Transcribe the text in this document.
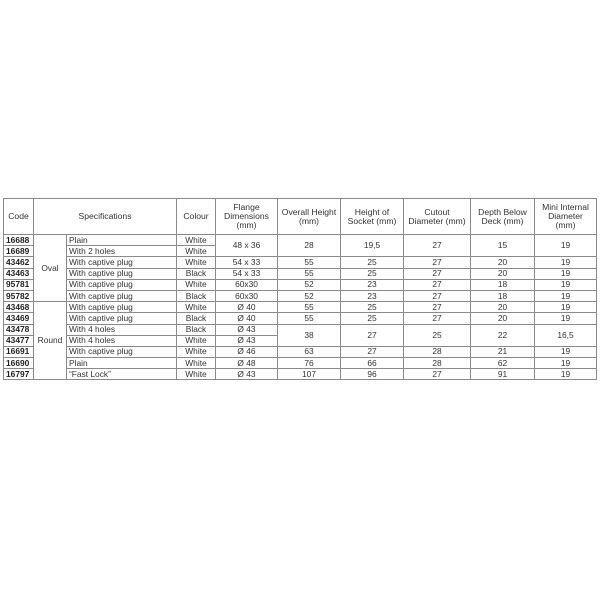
Code	Specifications		Colour	Flange Dimensions (mm)	Overall Height (mm)	Height of Socket (mm)	Cutout Diameter (mm)	Depth Below Deck (mm)	Mini Internal Diameter (mm)
16688	Oval	Plain	White	48 x 36	28	19,5	27	15	19
16689		With 2 holes	White						
43462		With captive plug	White	54 x 33	55	25	27	20	19
43463		With captive plug	Black	54 x 33	55	25	27	20	19
95781		With captive plug	White	60x30	52	23	27	18	19
95782		With captive plug	Black	60x30	52	23	27	18	19
43468	Round	With captive plug	White	Ø 40	55	25	27	20	19
43469		With captive plug	Black	Ø 40	55	25	27	20	19
43478		With 4 holes	Black	Ø 43	38	27	25	22	16,5
43477		With 4 holes	White	Ø 43					
16691		With captive plug	White	Ø 46	63	27	28	21	19
16690		Plain	White	Ø 48	76	66	28	62	19
16797		“Fast Lock”	White	Ø 43	107	96	27	91	19
